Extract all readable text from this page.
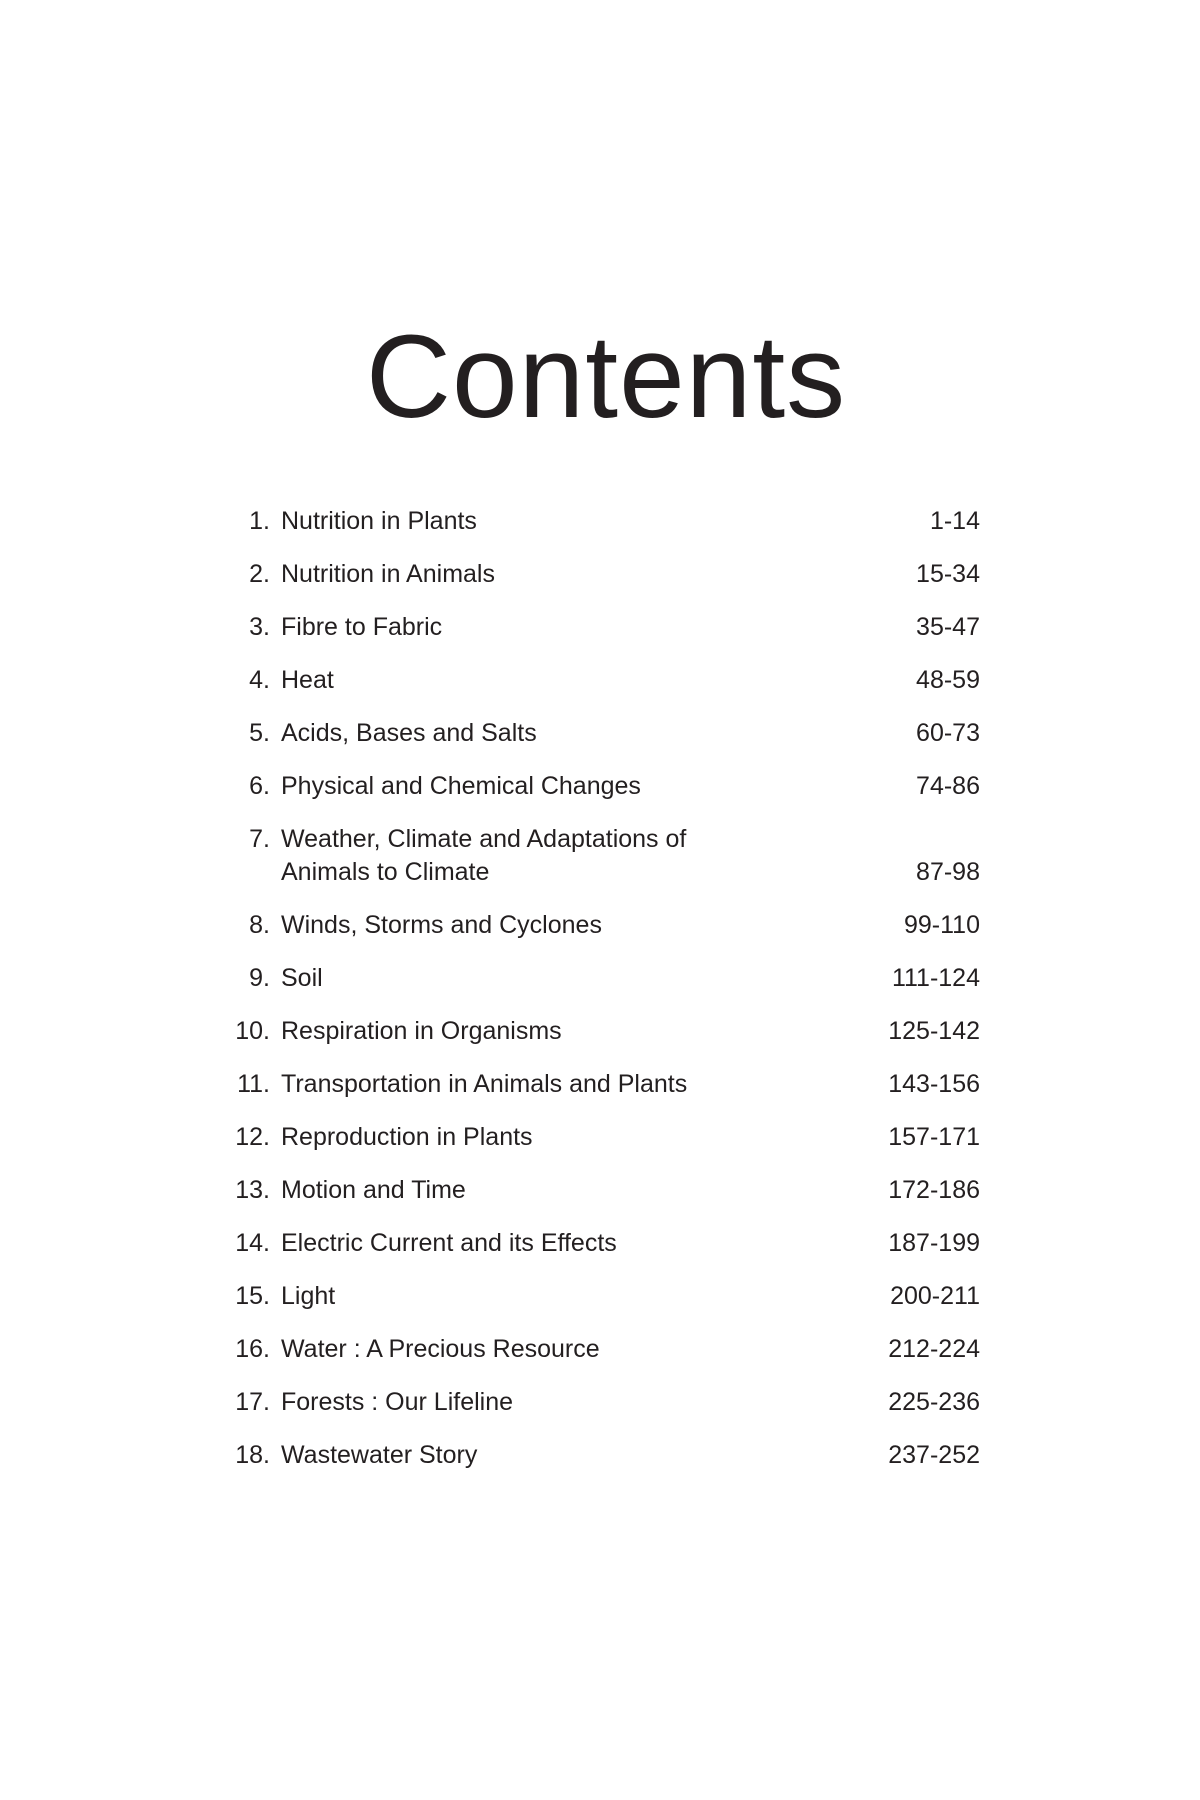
Contents
1. Nutrition in Plants	1-14
2. Nutrition in Animals	15-34
3. Fibre to Fabric	35-47
4. Heat	48-59
5. Acids, Bases and Salts	60-73
6. Physical and Chemical Changes	74-86
7. Weather, Climate and Adaptations of Animals to Climate	87-98
8. Winds, Storms and Cyclones	99-110
9. Soil	111-124
10. Respiration in Organisms	125-142
11. Transportation in Animals and Plants	143-156
12. Reproduction in Plants	157-171
13. Motion and Time	172-186
14. Electric Current and its Effects	187-199
15. Light	200-211
16. Water : A Precious Resource	212-224
17. Forests : Our Lifeline	225-236
18. Wastewater Story	237-252
